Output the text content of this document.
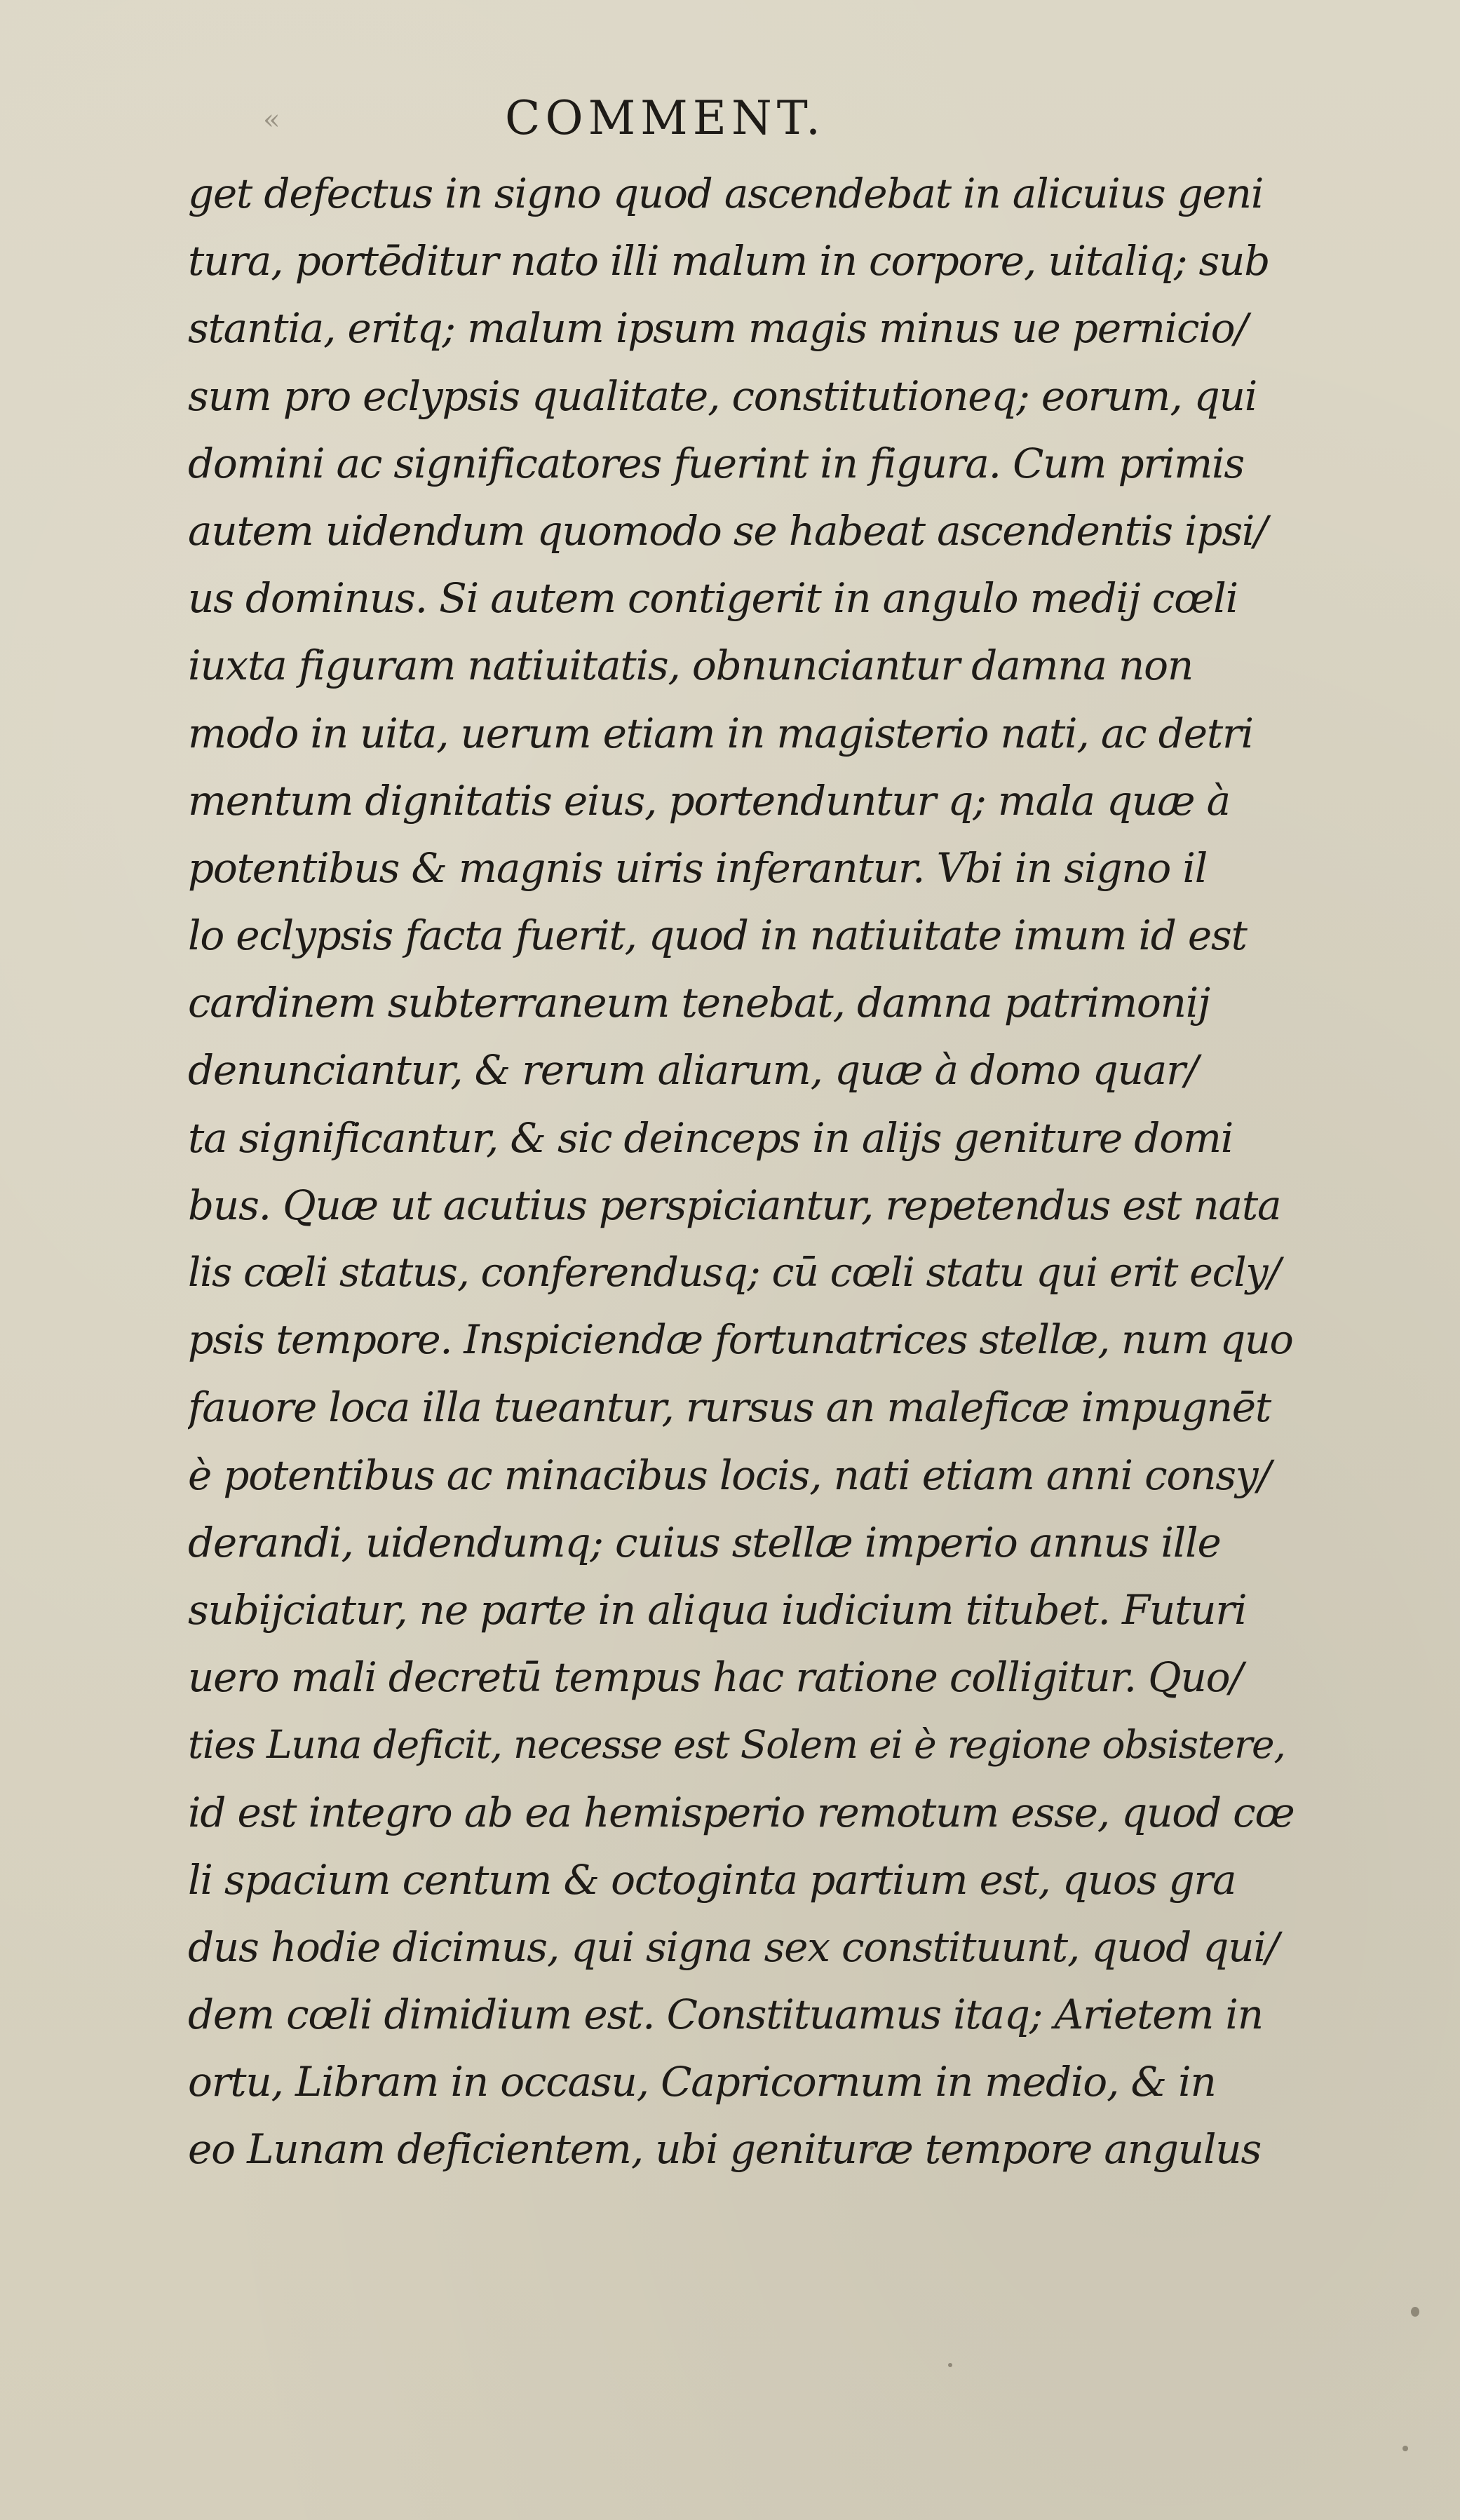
«	COMMENT.
get defectus in signo quod ascendebat in alicuius geni
tura, portēditur nato illi malum in corpore, uitaliq; sub
stantia, eritq; malum ipsum magis minus ue pernicio/
sum pro eclypsis qualitate, constitutioneq; eorum, qui
domini ac significatores fuerint in figura. Cum primis
autem uidendum quomodo se habeat ascendentis ipsi/
us dominus. Si autem contigerit in angulo medij cœli
iuxta figuram natiuitatis, obnunciantur damna non
modo in uita, uerum etiam in magisterio nati, ac detri
mentum dignitatis eius, portenduntur q; mala quæ à
potentibus & magnis uiris inferantur. Vbi in signo il
lo eclypsis facta fuerit, quod in natiuitate imum id est
cardinem subterraneum tenebat, damna patrimonij
denunciantur, & rerum aliarum, quæ à domo quar/
ta significantur, & sic deinceps in alijs geniture domi
bus. Quæ ut acutius perspiciantur, repetendus est nata
lis cœli status, conferendusq; cū cœli statu qui erit ecly/
psis tempore. Inspiciendæ fortunatrices stellæ, num quo
fauore loca illa tueantur, rursus an maleficæ impugnēt
è potentibus ac minacibus locis, nati etiam anni consy/
derandi, uidendumq; cuius stellæ imperio annus ille
subijciatur, ne parte in aliqua iudicium titubet. Futuri
uero mali decretū tempus hac ratione colligitur. Quo/
ties Luna deficit, necesse est Solem ei è regione obsistere,
id est integro ab ea hemisperio remotum esse, quod cœ
li spacium centum & octoginta partium est, quos gra
dus hodie dicimus, qui signa sex constituunt, quod qui/
dem cœli dimidium est. Constituamus itaq; Arietem in
ortu, Libram in occasu, Capricornum in medio, & in
eo Lunam deficientem, ubi genituræ tempore angulus
